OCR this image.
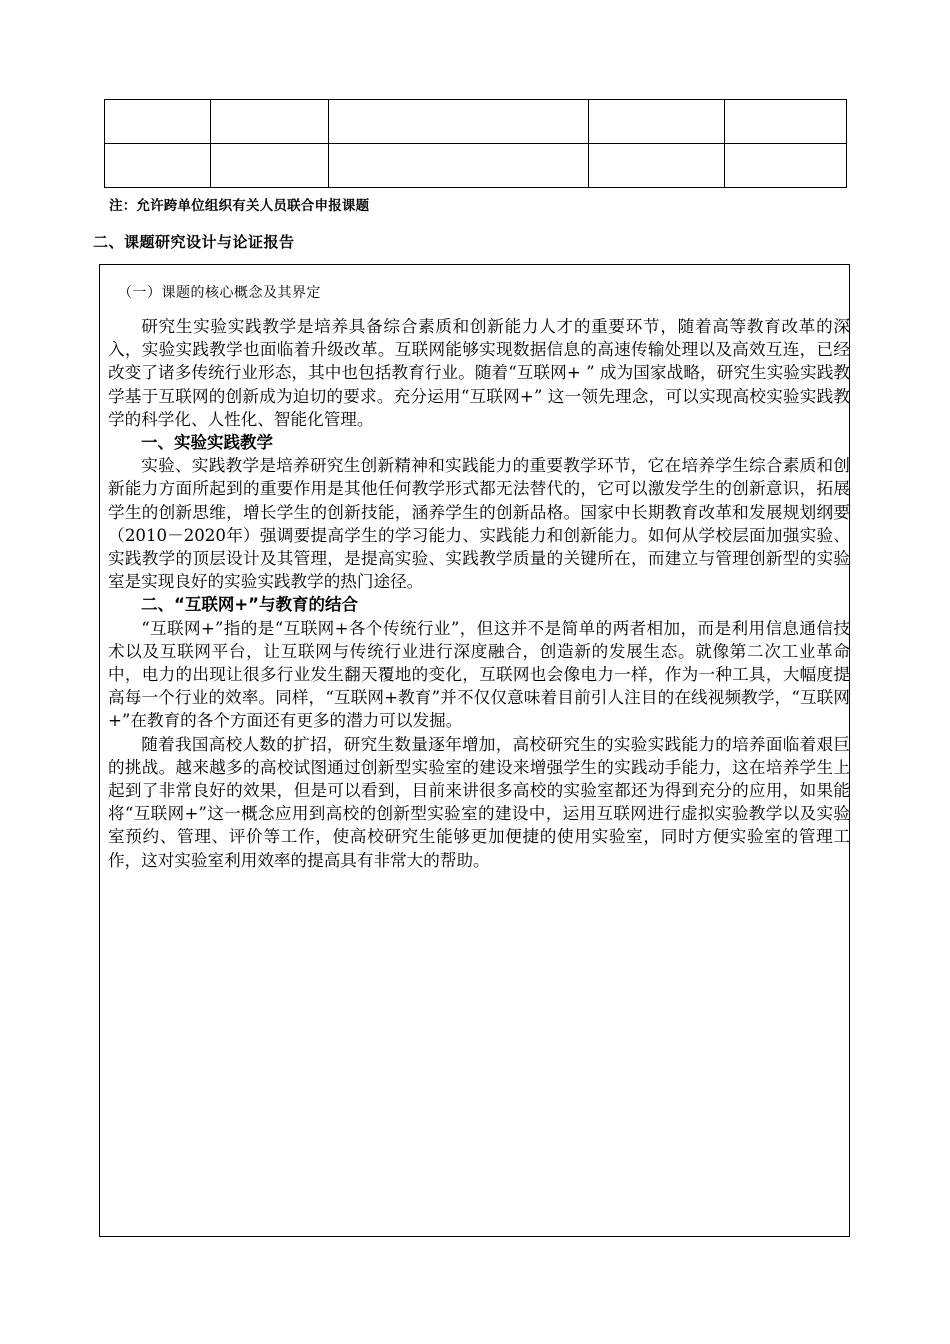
注：允许跨单位组织有关人员联合申报课题
二、课题研究设计与论证报告
（一）课题的核心概念及其界定

研究生实验实践教学是培养具备综合素质和创新能力人才的重要环节，随着高等教育改革的深入，实验实践教学也面临着升级改革。互联网能够实现数据信息的高速传输处理以及高效互连，已经改变了诸多传统行业形态，其中也包括教育行业。随着“互联网+ ” 成为国家战略，研究生实验实践教学基于互联网的创新成为迫切的要求。充分运用“互联网+” 这一领先理念，可以实现高校实验实践教学的科学化、人性化、智能化管理。

一、实验实践教学

实验、实践教学是培养研究生创新精神和实践能力的重要教学环节，它在培养学生综合素质和创新能力方面所起到的重要作用是其他任何教学形式都无法替代的，它可以激发学生的创新意识，拓展学生的创新思维，增长学生的创新技能，涵养学生的创新品格。国家中长期教育改革和发展规划纲要（2010－2020年）强调要提高学生的学习能力、实践能力和创新能力。如何从学校层面加强实验、实践教学的顶层设计及其管理，是提高实验、实践教学质量的关键所在，而建立与管理创新型的实验室是实现良好的实验实践教学的热门途径。

二、“互联网+”与教育的结合

“互联网+”指的是“互联网+各个传统行业”，但这并不是简单的两者相加，而是利用信息通信技术以及互联网平台，让互联网与传统行业进行深度融合，创造新的发展生态。就像第二次工业革命中，电力的出现让很多行业发生翻天覆地的变化，互联网也会像电力一样，作为一种工具，大幅度提高每一个行业的效率。同样，“互联网+教育”并不仅仅意味着目前引人注目的在线视频教学，“互联网+”在教育的各个方面还有更多的潜力可以发掘。

随着我国高校人数的扩招，研究生数量逐年增加，高校研究生的实验实践能力的培养面临着艰巨的挑战。越来越多的高校试图通过创新型实验室的建设来增强学生的实践动手能力，这在培养学生上起到了非常良好的效果，但是可以看到，目前来讲很多高校的实验室都还为得到充分的应用，如果能将“互联网+”这一概念应用到高校的创新型实验室的建设中，运用互联网进行虚拟实验教学以及实验室预约、管理、评价等工作，使高校研究生能够更加便捷的使用实验室，同时方便实验室的管理工作，这对实验室利用效率的提高具有非常大的帮助。
